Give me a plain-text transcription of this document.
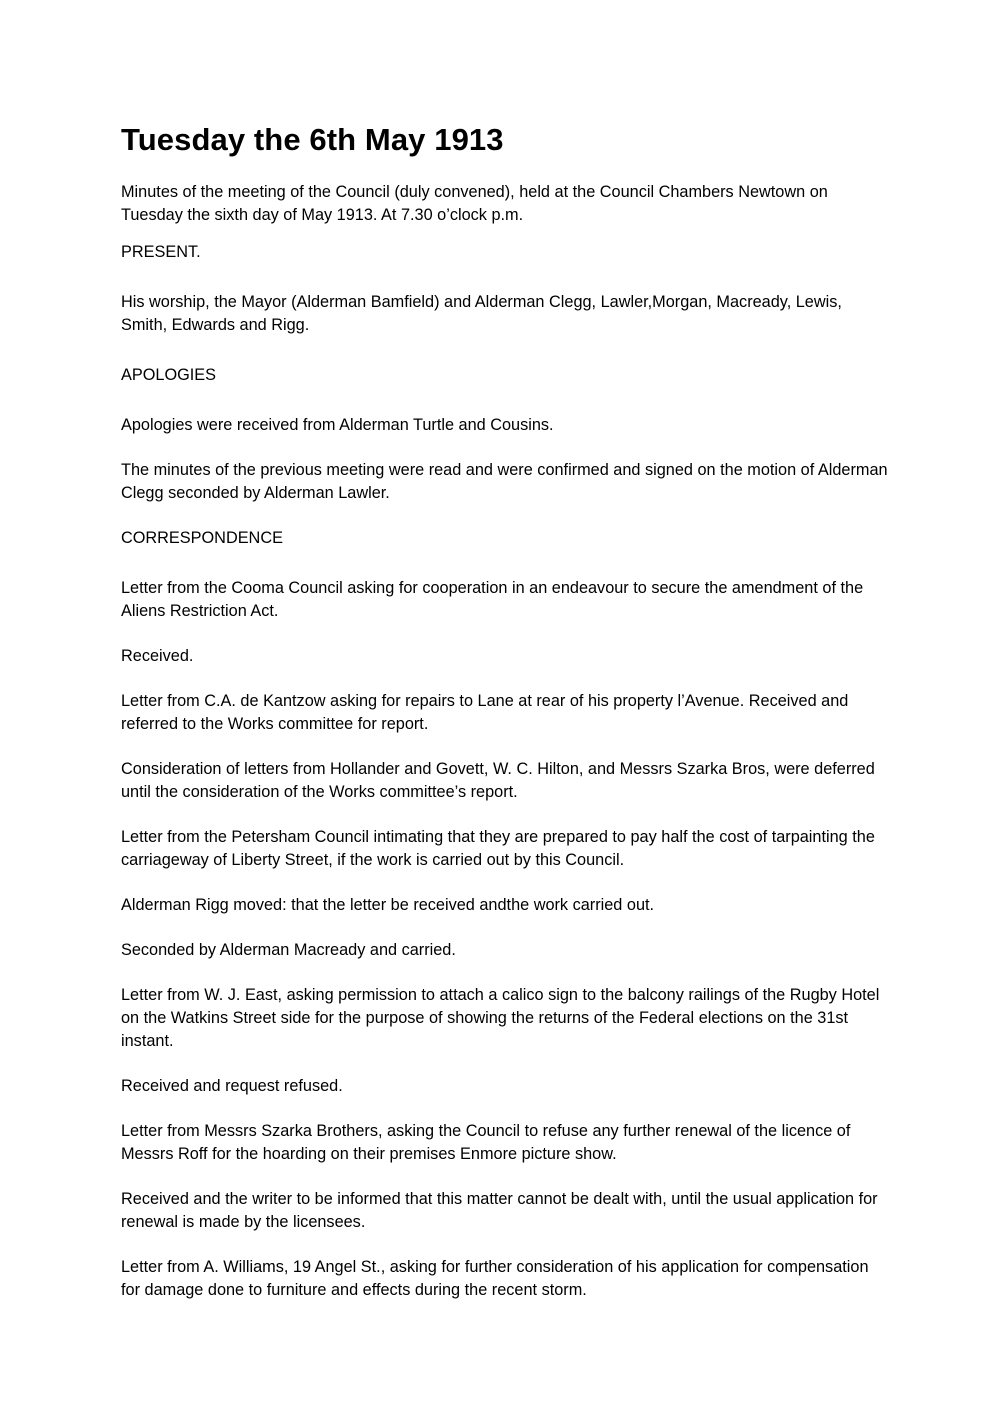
Tuesday the 6th May 1913

Minutes of the meeting of the Council (duly convened), held at the Council Chambers Newtown on Tuesday the sixth day of May 1913. At 7.30 o’clock p.m.

PRESENT.

His worship, the Mayor (Alderman Bamfield) and Alderman Clegg, Lawler,Morgan, Macready, Lewis, Smith, Edwards and Rigg.

APOLOGIES

Apologies were received from Alderman Turtle and Cousins.

The minutes of the previous meeting were read and were confirmed and signed on the motion of Alderman Clegg seconded by Alderman Lawler.

CORRESPONDENCE

Letter from the Cooma Council asking for cooperation in an endeavour to secure the amendment of the Aliens Restriction Act.

Received.

Letter from C.A. de Kantzow asking for repairs to Lane at rear of his property l’Avenue. Received and referred to the Works committee for report.

Consideration of letters from Hollander and Govett, W. C. Hilton, and Messrs Szarka Bros, were deferred until the consideration of the Works committee’s report.

Letter from the Petersham Council intimating that they are prepared to pay half the cost of tarpainting the carriageway of Liberty Street, if the work is carried out by this Council.

Alderman Rigg moved: that the letter be received andthe work carried out.

Seconded by Alderman Macready and carried.

Letter from W. J. East, asking permission to attach a calico sign to the balcony railings of the Rugby Hotel on the Watkins Street side for the purpose of showing the returns of the Federal elections on the 31st instant.

Received and request refused.

Letter from Messrs Szarka Brothers, asking the Council to refuse any further renewal of the licence of Messrs Roff for the hoarding on their premises Enmore picture show.

Received and the writer to be informed that this matter cannot be dealt with, until the usual application for renewal is made by the licensees.

Letter from A. Williams, 19 Angel St., asking for further consideration of his application for compensation for damage done to furniture and effects during the recent storm.
